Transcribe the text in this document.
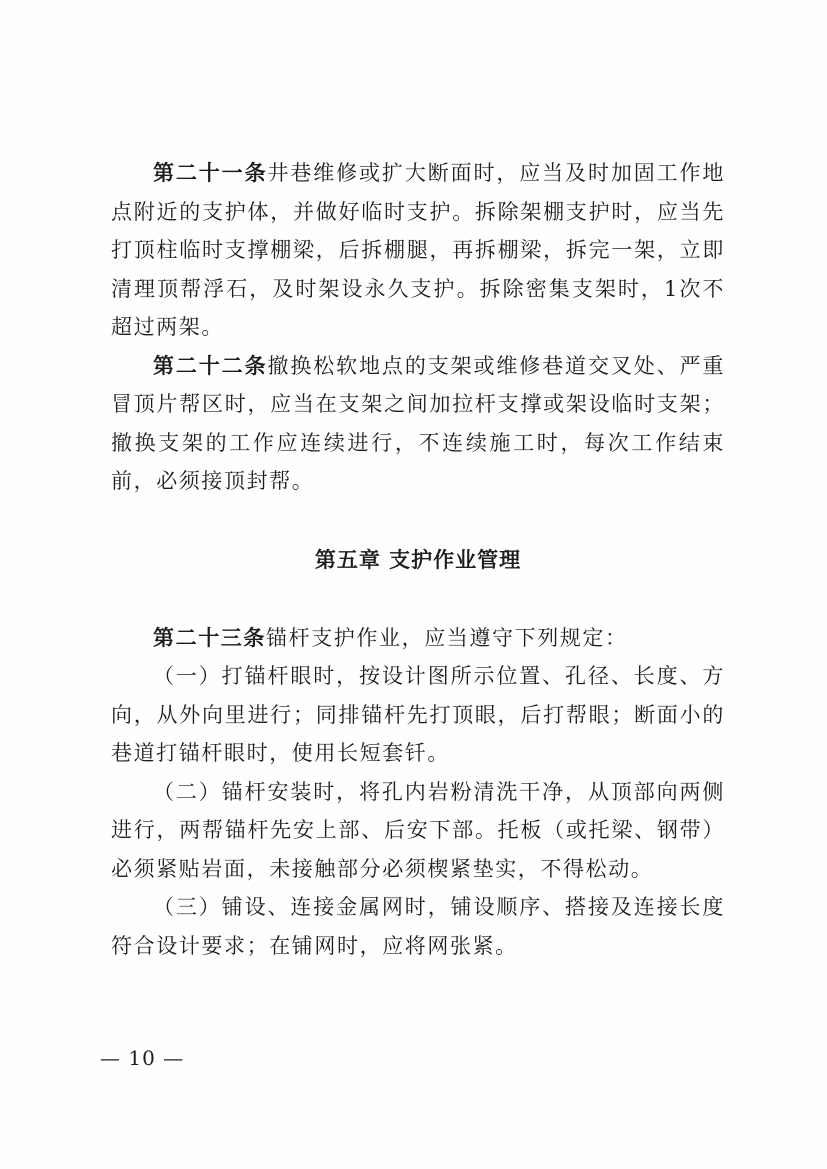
第二十一条井巷维修或扩大断面时，应当及时加固工作地点附近的支护体，并做好临时支护。拆除架棚支护时，应当先打顶柱临时支撑棚梁，后拆棚腿，再拆棚梁，拆完一架，立即清理顶帮浮石，及时架设永久支护。拆除密集支架时，1次不超过两架。

第二十二条撤换松软地点的支架或维修巷道交叉处、严重冒顶片帮区时，应当在支架之间加拉杆支撑或架设临时支架；撤换支架的工作应连续进行，不连续施工时，每次工作结束前，必须接顶封帮。

第五章 支护作业管理

第二十三条锚杆支护作业，应当遵守下列规定：

（一）打锚杆眼时，按设计图所示位置、孔径、长度、方向，从外向里进行；同排锚杆先打顶眼，后打帮眼；断面小的巷道打锚杆眼时，使用长短套钎。

（二）锚杆安装时，将孔内岩粉清洗干净，从顶部向两侧进行，两帮锚杆先安上部、后安下部。托板（或托梁、钢带）必须紧贴岩面，未接触部分必须楔紧垫实，不得松动。

（三）铺设、连接金属网时，铺设顺序、搭接及连接长度符合设计要求；在铺网时，应将网张紧。

— 10 —
